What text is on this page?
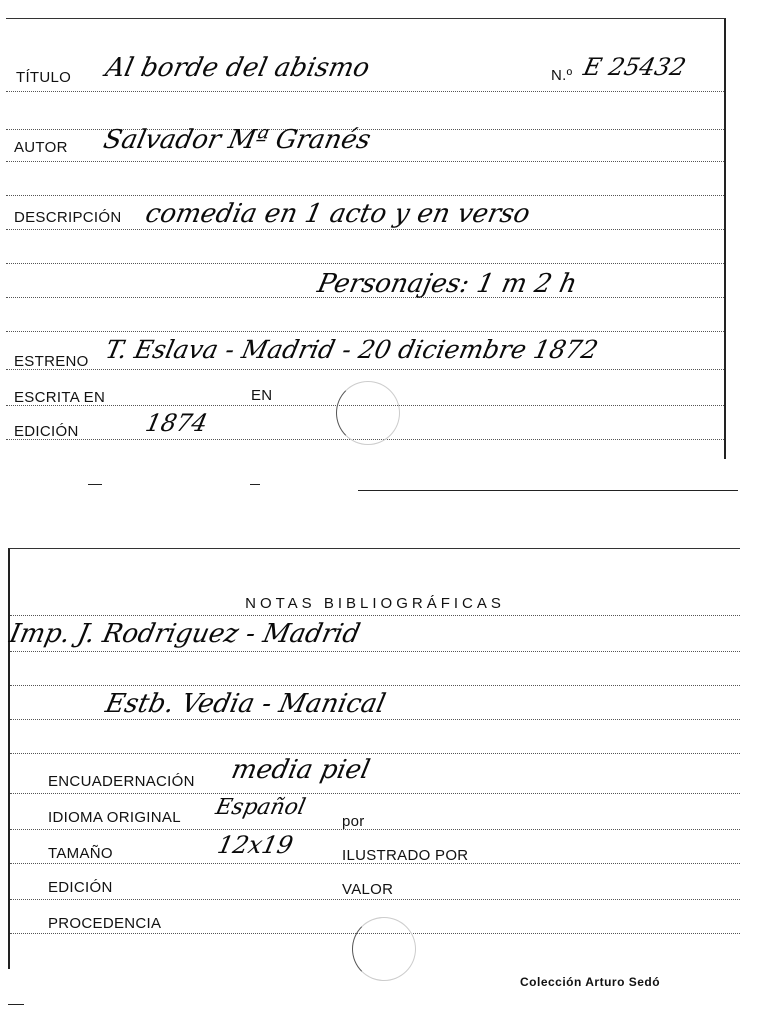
TÍTULO Al borde del abismo	N.º E 25432
AUTOR Salvador Mª Granés
DESCRIPCIÓN comedia en 1 acto y en verso
Personajes: 1 m 2 h
ESTRENO T. Eslava - Madrid - 20 diciembre 1872
ESCRITA EN	EN
EDICIÓN	1874
NOTAS BIBLIOGRÁFICAS
Imp. J. Rodriguez - Madrid
Estb. Vedia - Manical
ENCUADERNACIÓN media piel
IDIOMA ORIGINAL Español
por
TAMAÑO	12x19	ILUSTRADO POR
EDICIÓN	VALOR
PROCEDENCIA
Colección Arturo Sedó
